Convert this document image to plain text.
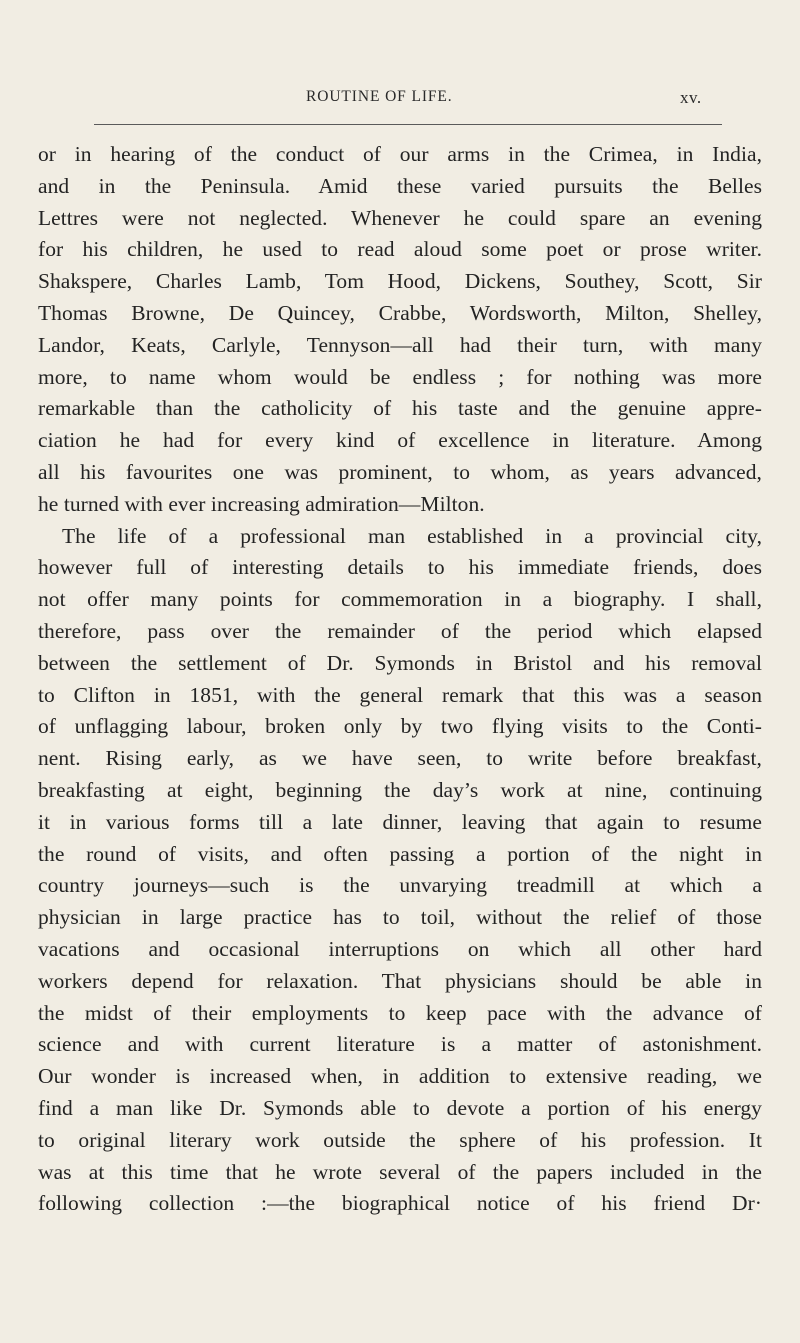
ROUTINE OF LIFE.	xv.
or in hearing of the conduct of our arms in the Crimea, in India,
and in the Peninsula. Amid these varied pursuits the Belles
Lettres were not neglected. Whenever he could spare an evening
for his children, he used to read aloud some poet or prose writer.
Shakspere, Charles Lamb, Tom Hood, Dickens, Southey, Scott, Sir
Thomas Browne, De Quincey, Crabbe, Wordsworth, Milton, Shelley,
Landor, Keats, Carlyle, Tennyson—all had their turn, with many
more, to name whom would be endless ; for nothing was more
remarkable than the catholicity of his taste and the genuine appre-
ciation he had for every kind of excellence in literature. Among
all his favourites one was prominent, to whom, as years advanced,
he turned with ever increasing admiration—Milton.
The life of a professional man established in a provincial city,
however full of interesting details to his immediate friends, does
not offer many points for commemoration in a biography. I shall,
therefore, pass over the remainder of the period which elapsed
between the settlement of Dr. Symonds in Bristol and his removal
to Clifton in 1851, with the general remark that this was a season
of unflagging labour, broken only by two flying visits to the Conti-
nent. Rising early, as we have seen, to write before breakfast,
breakfasting at eight, beginning the day’s work at nine, continuing
it in various forms till a late dinner, leaving that again to resume
the round of visits, and often passing a portion of the night in
country journeys—such is the unvarying treadmill at which a
physician in large practice has to toil, without the relief of those
vacations and occasional interruptions on which all other hard
workers depend for relaxation. That physicians should be able in
the midst of their employments to keep pace with the advance of
science and with current literature is a matter of astonishment.
Our wonder is increased when, in addition to extensive reading, we
find a man like Dr. Symonds able to devote a portion of his energy
to original literary work outside the sphere of his profession. It
was at this time that he wrote several of the papers included in the
following collection :—the biographical notice of his friend Dr·
